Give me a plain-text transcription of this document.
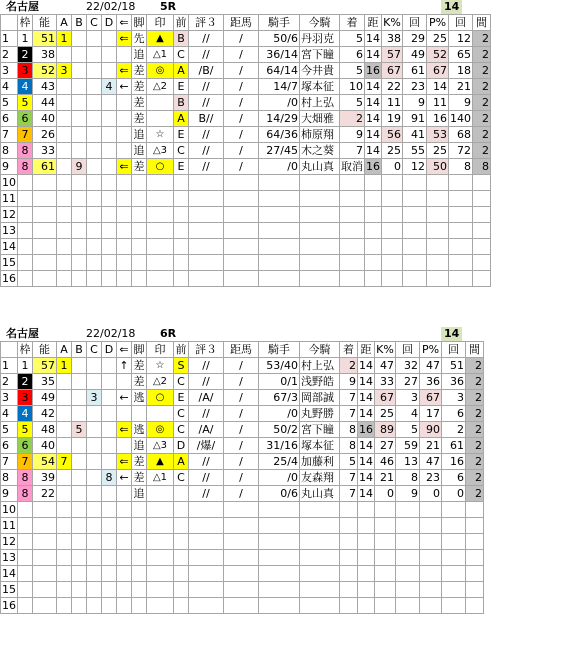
名古屋	22/02/18 5R	14
	枠	能	A	B	C	D	⇐	脚	印	前	評３	距馬	騎手	今騎	着	距	K%	回	P%	回	間
1	1	51	1				⇐	先	▲	B	//	/	50/6	丹羽克	5	14	38	29	25	12	2
2	2	38						追	△1	C	//	/	36/14	宮下瞳	6	14	57	49	52	65	2
3	3	52	3				⇐	差	◎	A	/B/	/	64/14	今井貴	5	16	67	61	67	18	2
4	4	43				4	←	差	△2	E	//	/	14/7	塚本征	10	14	22	23	14	21	2
5	5	44						差		B	//	/	/0	村上弘	5	14	11	9	11	9	2
6	6	40						差		A	B//	/	14/29	大畑雅	2	14	19	91	16	140	2
7	7	26						追	☆	E	//	/	64/36	柿原翔	9	14	56	41	53	68	2
8	8	33						追	△3	C	//	/	27/45	木之葵	7	14	25	55	25	72	2
9	8	61		9			⇐	差	○	E	//	/	/0	丸山真	取消	16	0	12	50	8	8
10																					
11																					
12																					
13																					
14																					
15																					
16																					
名古屋	22/02/18 6R	14
	枠	能	A	B	C	D	⇐	脚	印	前	評３	距馬	騎手	今騎	着	距	K%	回	P%	回	間
1	1	57	1				↑	差	☆	S	//	/	53/40	村上弘	2	14	47	32	47	51	2
2	2	35						差	△2	C	//	/	0/1	浅野皓	9	14	33	27	36	36	2
3	3	49			3		←	逃	○	E	/A/	/	67/3	岡部誠	7	14	67	3	67	3	2
4	4	42								C	//	/	/0	丸野勝	7	14	25	4	17	6	2
5	5	48		5			⇐	逃	◎	C	/A/	/	50/2	宮下瞳	8	16	89	5	90	2	2
6	6	40						追	△3	D	/爆/	/	31/16	塚本征	8	14	27	59	21	61	2
7	7	54	7				⇐	差	▲	A	//	/	25/4	加藤利	5	14	46	13	47	16	2
8	8	39				8	←	差	△1	C	//	/	/0	友森翔	7	14	21	8	23	6	2
9	8	22						追			//	/	0/6	丸山真	7	14	0	9	0	0	2
10																					
11																					
12																					
13																					
14																					
15																					
16																					
